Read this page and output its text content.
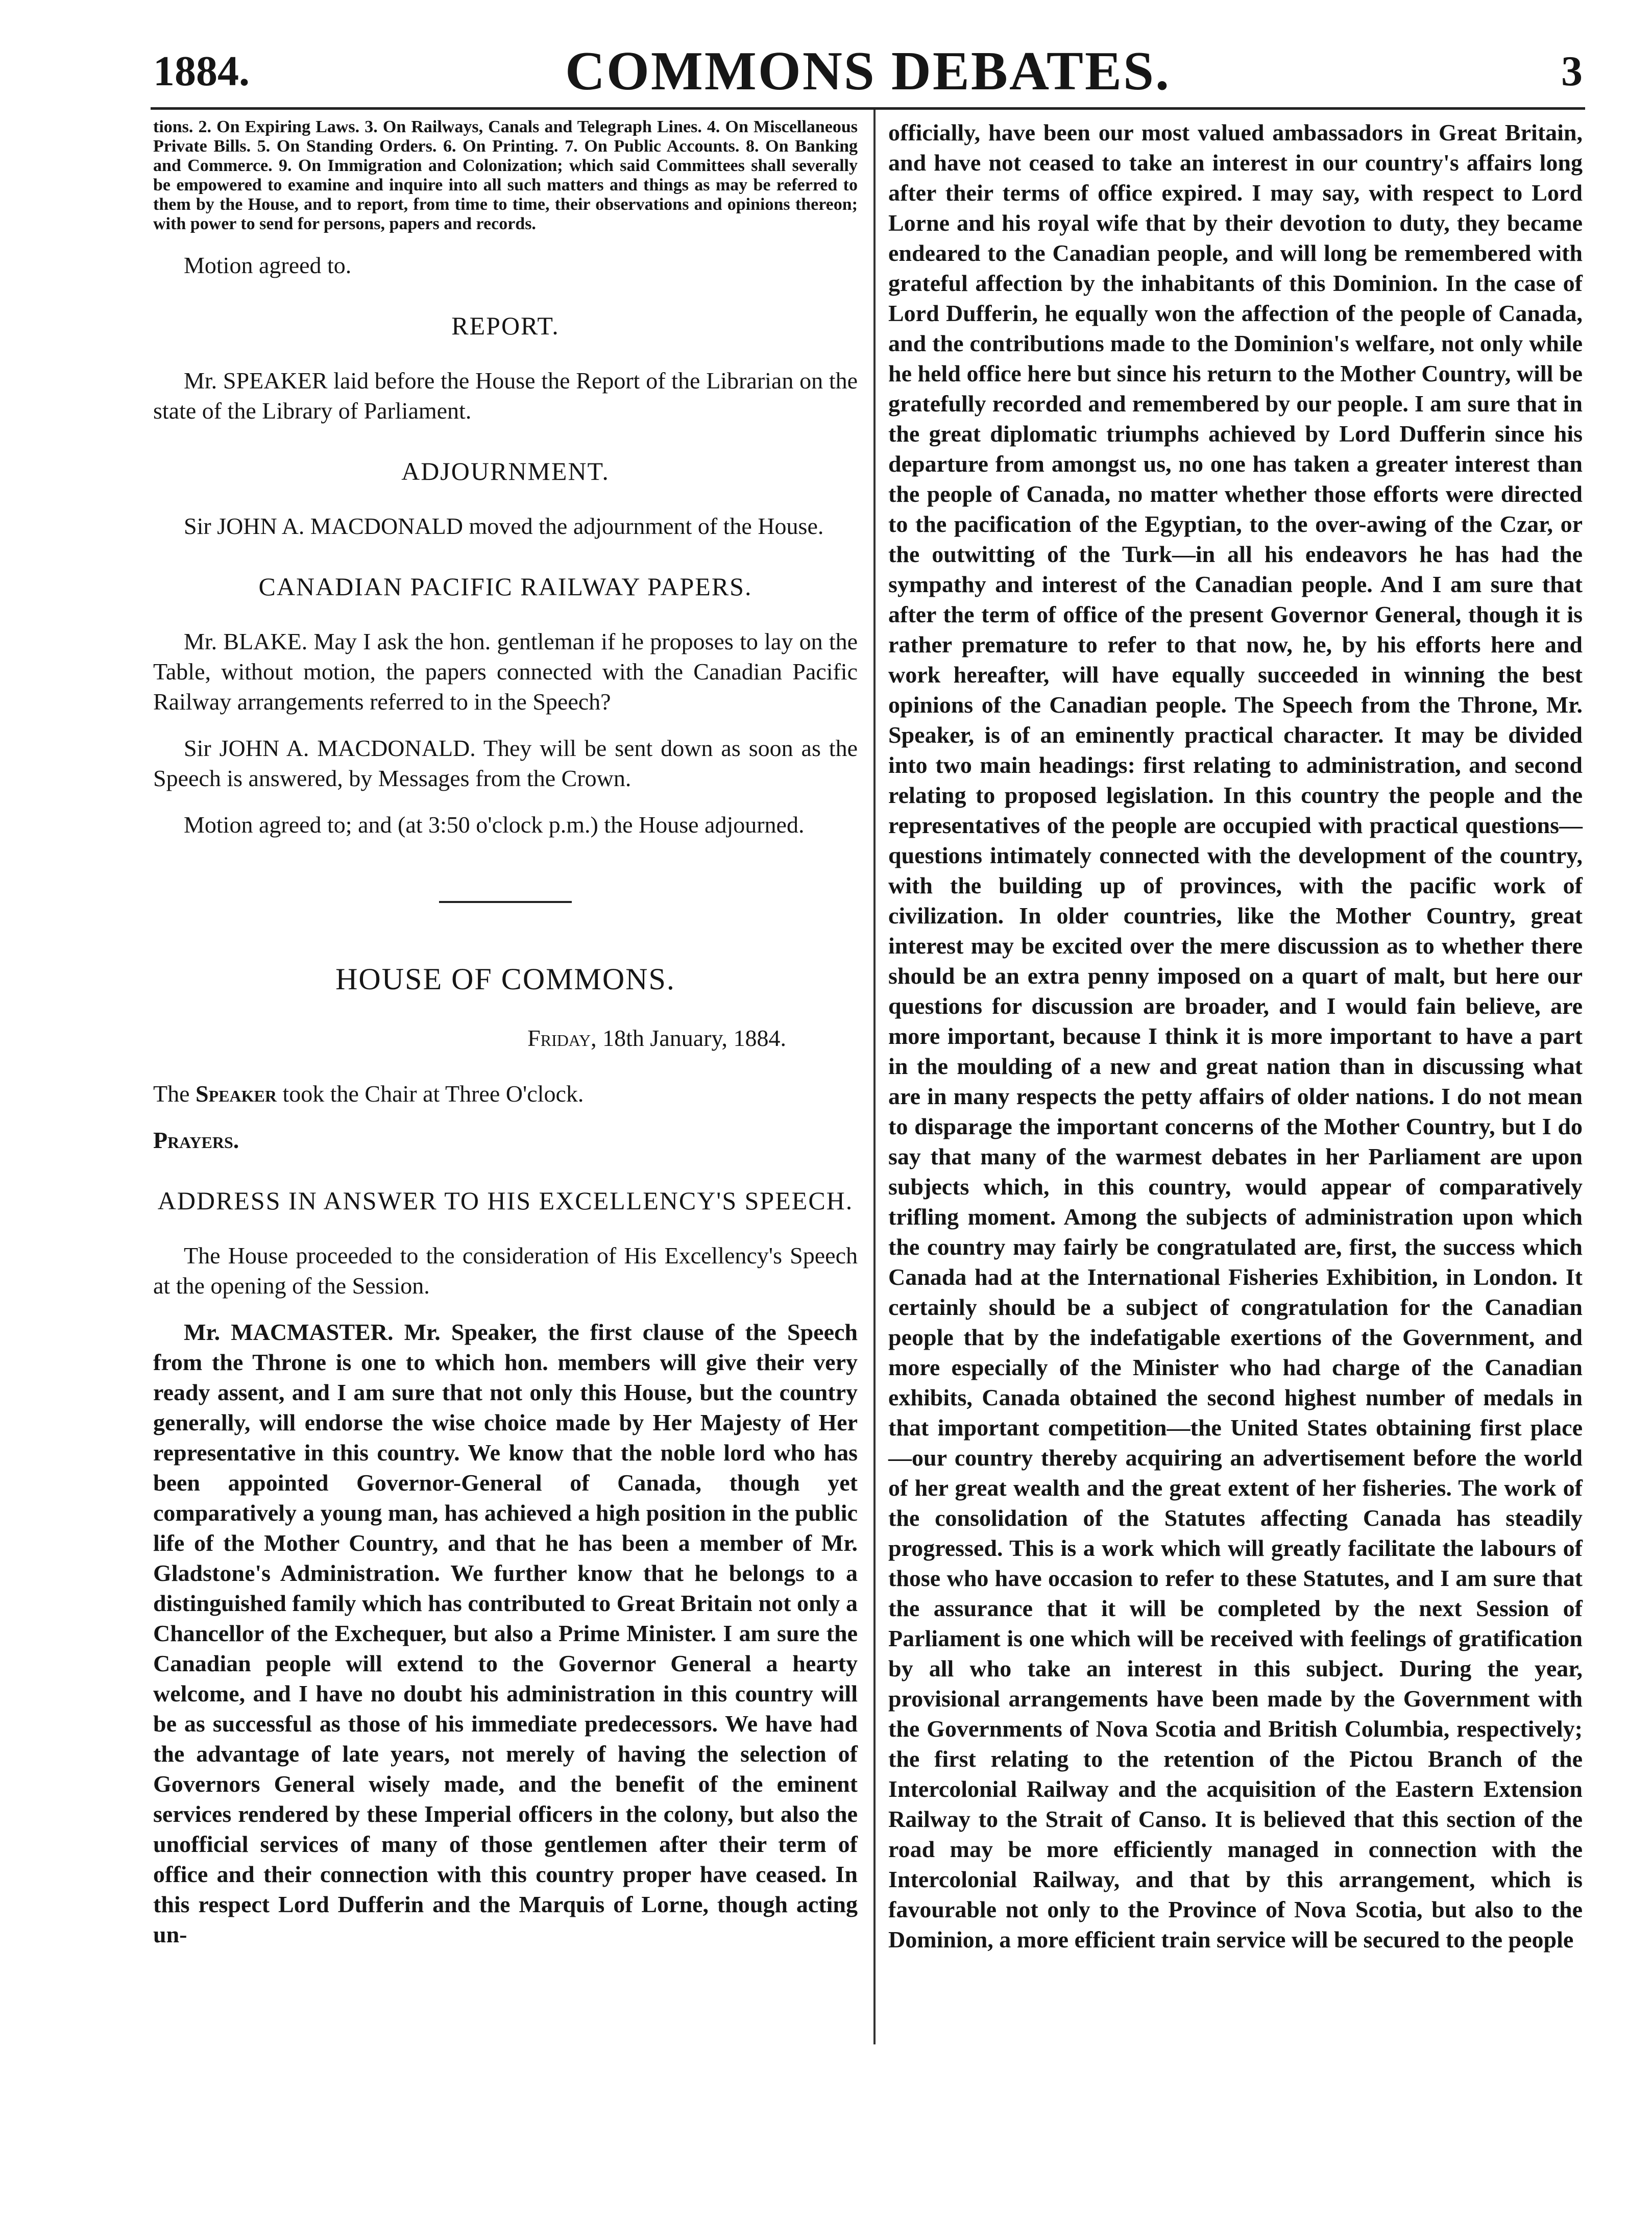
1884.	COMMONS DEBATES.	3

tions. 2. On Expiring Laws. 3. On Railways, Canals and Telegraph Lines. 4. On Miscellaneous Private Bills. 5. On Standing Orders. 6. On Printing. 7. On Public Accounts. 8. On Banking and Commerce. 9. On Immigration and Colonization; which said Committees shall severally be empowered to examine and inquire into all such matters and things as may be referred to them by the House, and to report, from time to time, their observations and opinions thereon; with power to send for persons, papers and records.

Motion agreed to.

REPORT.

Mr. SPEAKER laid before the House the Report of the Librarian on the state of the Library of Parliament.

ADJOURNMENT.

Sir JOHN A. MACDONALD moved the adjournment of the House.

CANADIAN PACIFIC RAILWAY PAPERS.

Mr. BLAKE. May I ask the hon. gentleman if he proposes to lay on the Table, without motion, the papers connected with the Canadian Pacific Railway arrangements referred to in the Speech?

Sir JOHN A. MACDONALD. They will be sent down as soon as the Speech is answered, by Messages from the Crown.

Motion agreed to; and (at 3:50 o'clock p.m.) the House adjourned.

HOUSE OF COMMONS.

Friday, 18th January, 1884.

The Speaker took the Chair at Three O'clock.

Prayers.

ADDRESS IN ANSWER TO HIS EXCELLENCY'S SPEECH.

The House proceeded to the consideration of His Excellency's Speech at the opening of the Session.

Mr. MACMASTER. Mr. Speaker, the first clause of the Speech from the Throne is one to which hon. members will give their very ready assent, and I am sure that not only this House, but the country generally, will endorse the wise choice made by Her Majesty of Her representative in this country. We know that the noble lord who has been appointed Governor-General of Canada, though yet comparatively a young man, has achieved a high position in the public life of the Mother Country, and that he has been a member of Mr. Gladstone's Administration. We further know that he belongs to a distinguished family which has contributed to Great Britain not only a Chancellor of the Exchequer, but also a Prime Minister. I am sure the Canadian people will extend to the Governor General a hearty welcome, and I have no doubt his administration in this country will be as successful as those of his immediate predecessors. We have had the advantage of late years, not merely of having the selection of Governors General wisely made, and the benefit of the eminent services rendered by these Imperial officers in the colony, but also the unofficial services of many of those gentlemen after their term of office and their connection with this country proper have ceased. In this respect Lord Dufferin and the Marquis of Lorne, though acting un-

officially, have been our most valued ambassadors in Great Britain, and have not ceased to take an interest in our country's affairs long after their terms of office expired. I may say, with respect to Lord Lorne and his royal wife that by their devotion to duty, they became endeared to the Canadian people, and will long be remembered with grateful affection by the inhabitants of this Dominion. In the case of Lord Dufferin, he equally won the affection of the people of Canada, and the contributions made to the Dominion's welfare, not only while he held office here but since his return to the Mother Country, will be gratefully recorded and remembered by our people. I am sure that in the great diplomatic triumphs achieved by Lord Dufferin since his departure from amongst us, no one has taken a greater interest than the people of Canada, no matter whether those efforts were directed to the pacification of the Egyptian, to the over-awing of the Czar, or the outwitting of the Turk—in all his endeavors he has had the sympathy and interest of the Canadian people. And I am sure that after the term of office of the present Governor General, though it is rather premature to refer to that now, he, by his efforts here and work hereafter, will have equally succeeded in winning the best opinions of the Canadian people. The Speech from the Throne, Mr. Speaker, is of an eminently practical character. It may be divided into two main headings: first relating to administration, and second relating to proposed legislation. In this country the people and the representatives of the people are occupied with practical questions—questions intimately connected with the development of the country, with the building up of provinces, with the pacific work of civilization. In older countries, like the Mother Country, great interest may be excited over the mere discussion as to whether there should be an extra penny imposed on a quart of malt, but here our questions for discussion are broader, and I would fain believe, are more important, because I think it is more important to have a part in the moulding of a new and great nation than in discussing what are in many respects the petty affairs of older nations. I do not mean to disparage the important concerns of the Mother Country, but I do say that many of the warmest debates in her Parliament are upon subjects which, in this country, would appear of comparatively trifling moment. Among the subjects of administration upon which the country may fairly be congratulated are, first, the success which Canada had at the International Fisheries Exhibition, in London. It certainly should be a subject of congratulation for the Canadian people that by the indefatigable exertions of the Government, and more especially of the Minister who had charge of the Canadian exhibits, Canada obtained the second highest number of medals in that important competition—the United States obtaining first place—our country thereby acquiring an advertisement before the world of her great wealth and the great extent of her fisheries. The work of the consolidation of the Statutes affecting Canada has steadily progressed. This is a work which will greatly facilitate the labours of those who have occasion to refer to these Statutes, and I am sure that the assurance that it will be completed by the next Session of Parliament is one which will be received with feelings of gratification by all who take an interest in this subject. During the year, provisional arrangements have been made by the Government with the Governments of Nova Scotia and British Columbia, respectively; the first relating to the retention of the Pictou Branch of the Intercolonial Railway and the acquisition of the Eastern Extension Railway to the Strait of Canso. It is believed that this section of the road may be more efficiently managed in connection with the Intercolonial Railway, and that by this arrangement, which is favourable not only to the Province of Nova Scotia, but also to the Dominion, a more efficient train service will be secured to the people
